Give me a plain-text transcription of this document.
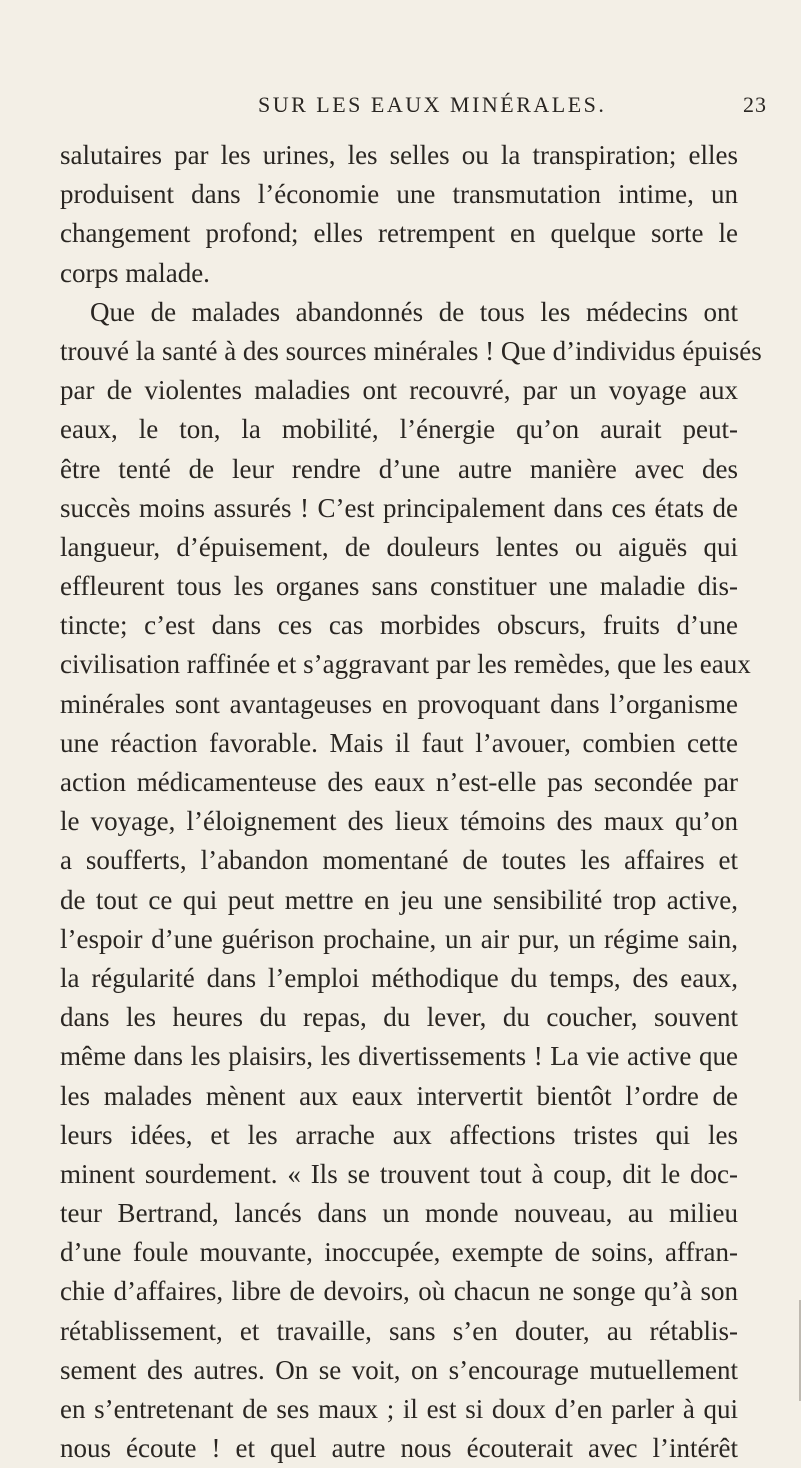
SUR LES EAUX MINÉRALES.	23
salutaires par les urines, les selles ou la transpiration; elles
produisent dans l’économie une transmutation intime, un
changement profond; elles retrempent en quelque sorte le
corps malade.
Que de malades abandonnés de tous les médecins ont
trouvé la santé à des sources minérales ! Que d’individus épuisés
par de violentes maladies ont recouvré, par un voyage aux
eaux, le ton, la mobilité, l’énergie qu’on aurait peut-
être tenté de leur rendre d’une autre manière avec des
succès moins assurés ! C’est principalement dans ces états de
langueur, d’épuisement, de douleurs lentes ou aiguës qui
effleurent tous les organes sans constituer une maladie dis-
tincte; c’est dans ces cas morbides obscurs, fruits d’une
civilisation raffinée et s’aggravant par les remèdes, que les eaux
minérales sont avantageuses en provoquant dans l’organisme
une réaction favorable. Mais il faut l’avouer, combien cette
action médicamenteuse des eaux n’est-elle pas secondée par
le voyage, l’éloignement des lieux témoins des maux qu’on
a soufferts, l’abandon momentané de toutes les affaires et
de tout ce qui peut mettre en jeu une sensibilité trop active,
l’espoir d’une guérison prochaine, un air pur, un régime sain,
la régularité dans l’emploi méthodique du temps, des eaux,
dans les heures du repas, du lever, du coucher, souvent
même dans les plaisirs, les divertissements ! La vie active que
les malades mènent aux eaux intervertit bientôt l’ordre de
leurs idées, et les arrache aux affections tristes qui les
minent sourdement. « Ils se trouvent tout à coup, dit le doc-
teur Bertrand, lancés dans un monde nouveau, au milieu
d’une foule mouvante, inoccupée, exempte de soins, affran-
chie d’affaires, libre de devoirs, où chacun ne songe qu’à son
rétablissement, et travaille, sans s’en douter, au rétablis-
sement des autres. On se voit, on s’encourage mutuellement
en s’entretenant de ses maux ; il est si doux d’en parler à qui
nous écoute ! et quel autre nous écouterait avec l’intérêt
